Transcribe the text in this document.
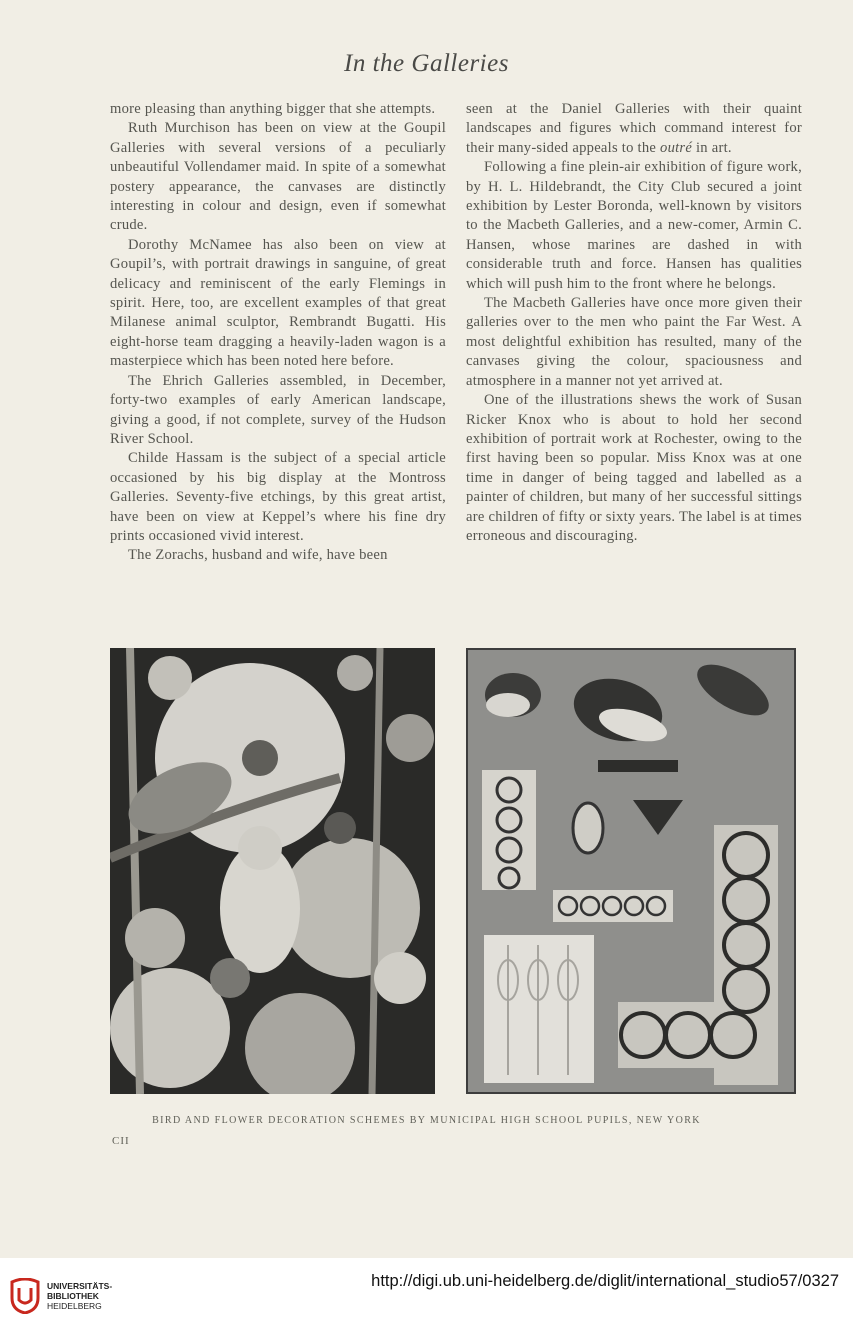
In the Galleries

more pleasing than anything bigger that she attempts.

Ruth Murchison has been on view at the Goupil Galleries with several versions of a peculiarly unbeautiful Vollendamer maid. In spite of a somewhat postery appearance, the canvases are distinctly interesting in colour and design, even if somewhat crude.

Dorothy McNamee has also been on view at Goupil’s, with portrait drawings in sanguine, of great delicacy and reminiscent of the early Flemings in spirit. Here, too, are excellent examples of that great Milanese animal sculptor, Rembrandt Bugatti. His eight-horse team dragging a heavily-laden wagon is a masterpiece which has been noted here before.

The Ehrich Galleries assembled, in December, forty-two examples of early American landscape, giving a good, if not complete, survey of the Hudson River School.

Childe Hassam is the subject of a special article occasioned by his big display at the Montross Galleries. Seventy-five etchings, by this great artist, have been on view at Keppel’s where his fine dry prints occasioned vivid interest.

The Zorachs, husband and wife, have been

seen at the Daniel Galleries with their quaint landscapes and figures which command interest for their many-sided appeals to the outré in art.

Following a fine plein-air exhibition of figure work, by H. L. Hildebrandt, the City Club secured a joint exhibition by Lester Boronda, well-known by visitors to the Macbeth Galleries, and a new-comer, Armin C. Hansen, whose marines are dashed in with considerable truth and force. Hansen has qualities which will push him to the front where he belongs.

The Macbeth Galleries have once more given their galleries over to the men who paint the Far West. A most delightful exhibition has resulted, many of the canvases giving the colour, spaciousness and atmosphere in a manner not yet arrived at.

One of the illustrations shews the work of Susan Ricker Knox who is about to hold her second exhibition of portrait work at Rochester, owing to the first having been so popular. Miss Knox was at one time in danger of being tagged and labelled as a painter of children, but many of her successful sittings are children of fifty or sixty years. The label is at times erroneous and discouraging.

BIRD AND FLOWER DECORATION SCHEMES BY MUNICIPAL HIGH SCHOOL PUPILS, NEW YORK
CII
UNIVERSITÄTS-
BIBLIOTHEK
HEIDELBERG
http://digi.ub.uni-heidelberg.de/diglit/international_studio57/0327
